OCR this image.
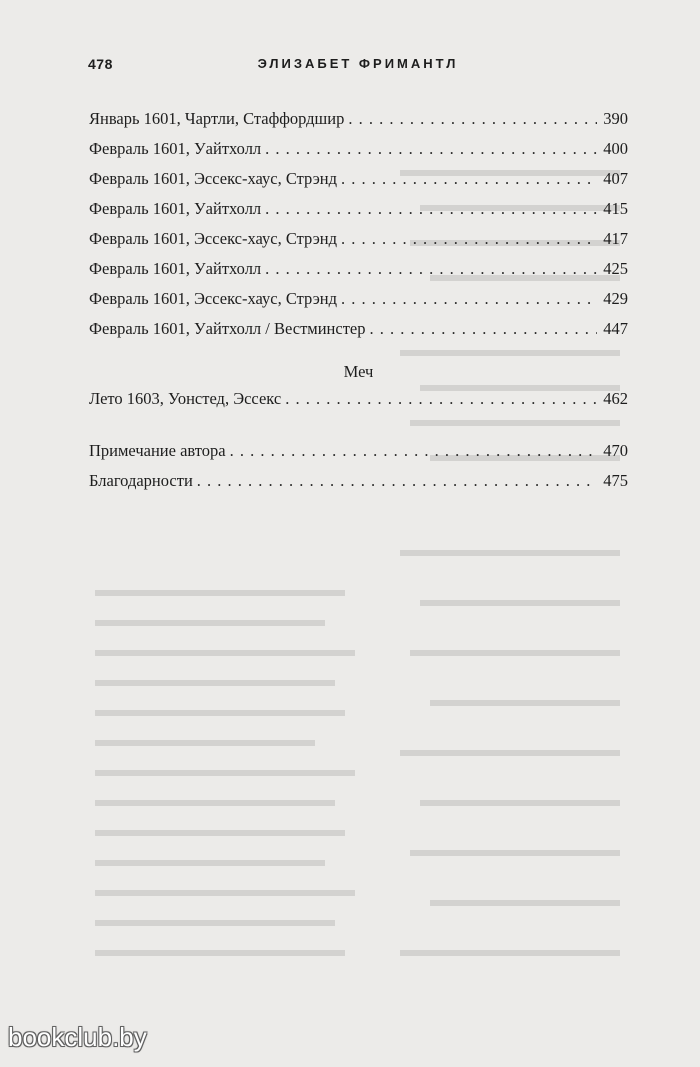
478	ЭЛИЗАБЕТ ФРИМАНТЛ
Январь 1601, Чартли, Стаффордшир . . .	390
Февраль 1601, Уайтхолл . . .	400
Февраль 1601, Эссекс-хаус, Стрэнд . . .	407
Февраль 1601, Уайтхолл . . .	415
Февраль 1601, Эссекс-хаус, Стрэнд . . .	417
Февраль 1601, Уайтхолл . . .	425
Февраль 1601, Эссекс-хаус, Стрэнд . . .	429
Февраль 1601, Уайтхолл / Вестминстер . . .	447
Меч
Лето 1603, Уонстед, Эссекс . . .	462
Примечание автора . . .	470
Благодарности . . .	475
bookclub.by
